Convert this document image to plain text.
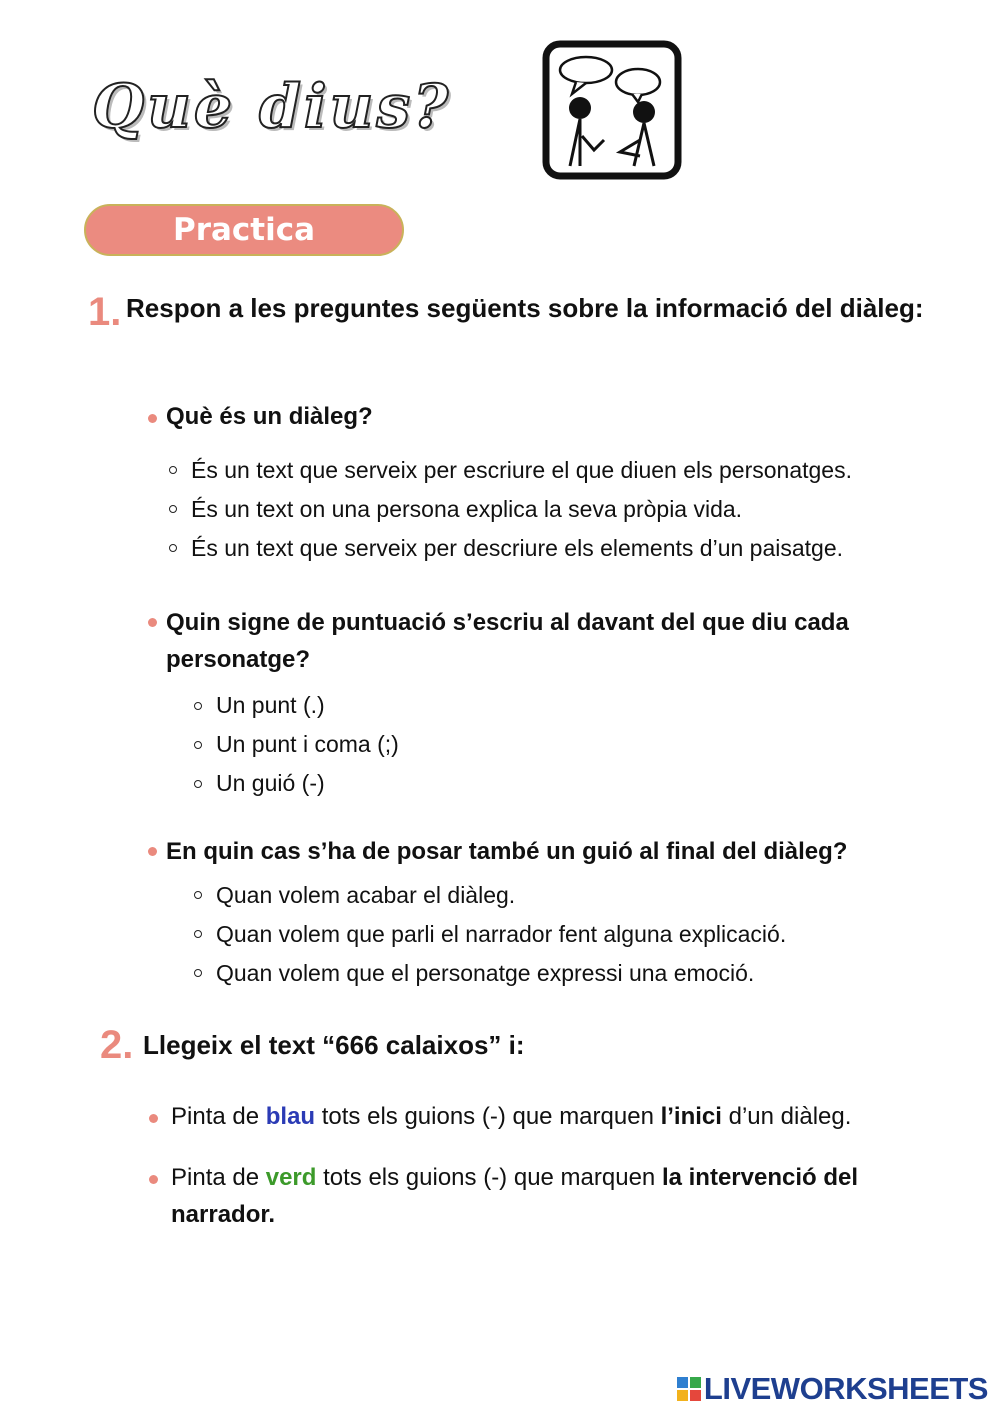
Què dius?
Practica
1. Respon a les preguntes següents sobre la informació del diàleg:
Què és un diàleg?
És un text que serveix per escriure el que diuen els personatges.
És un text on una persona explica la seva pròpia vida.
És un text que serveix per descriure els elements d’un paisatge.
Quin signe de puntuació s’escriu al davant del que diu cada personatge?
Un punt (.)
Un punt i coma (;)
Un guió (-)
En quin cas s’ha de posar també un guió al final del diàleg?
Quan volem acabar el diàleg.
Quan volem que parli el narrador fent alguna explicació.
Quan volem que el personatge expressi una emoció.
2. Llegeix el text “666 calaixos” i:
Pinta de blau tots els guions (-) que marquen l’inici d’un diàleg.
Pinta de verd tots els guions (-) que marquen la intervenció del narrador.
LIVEWORKSHEETS
